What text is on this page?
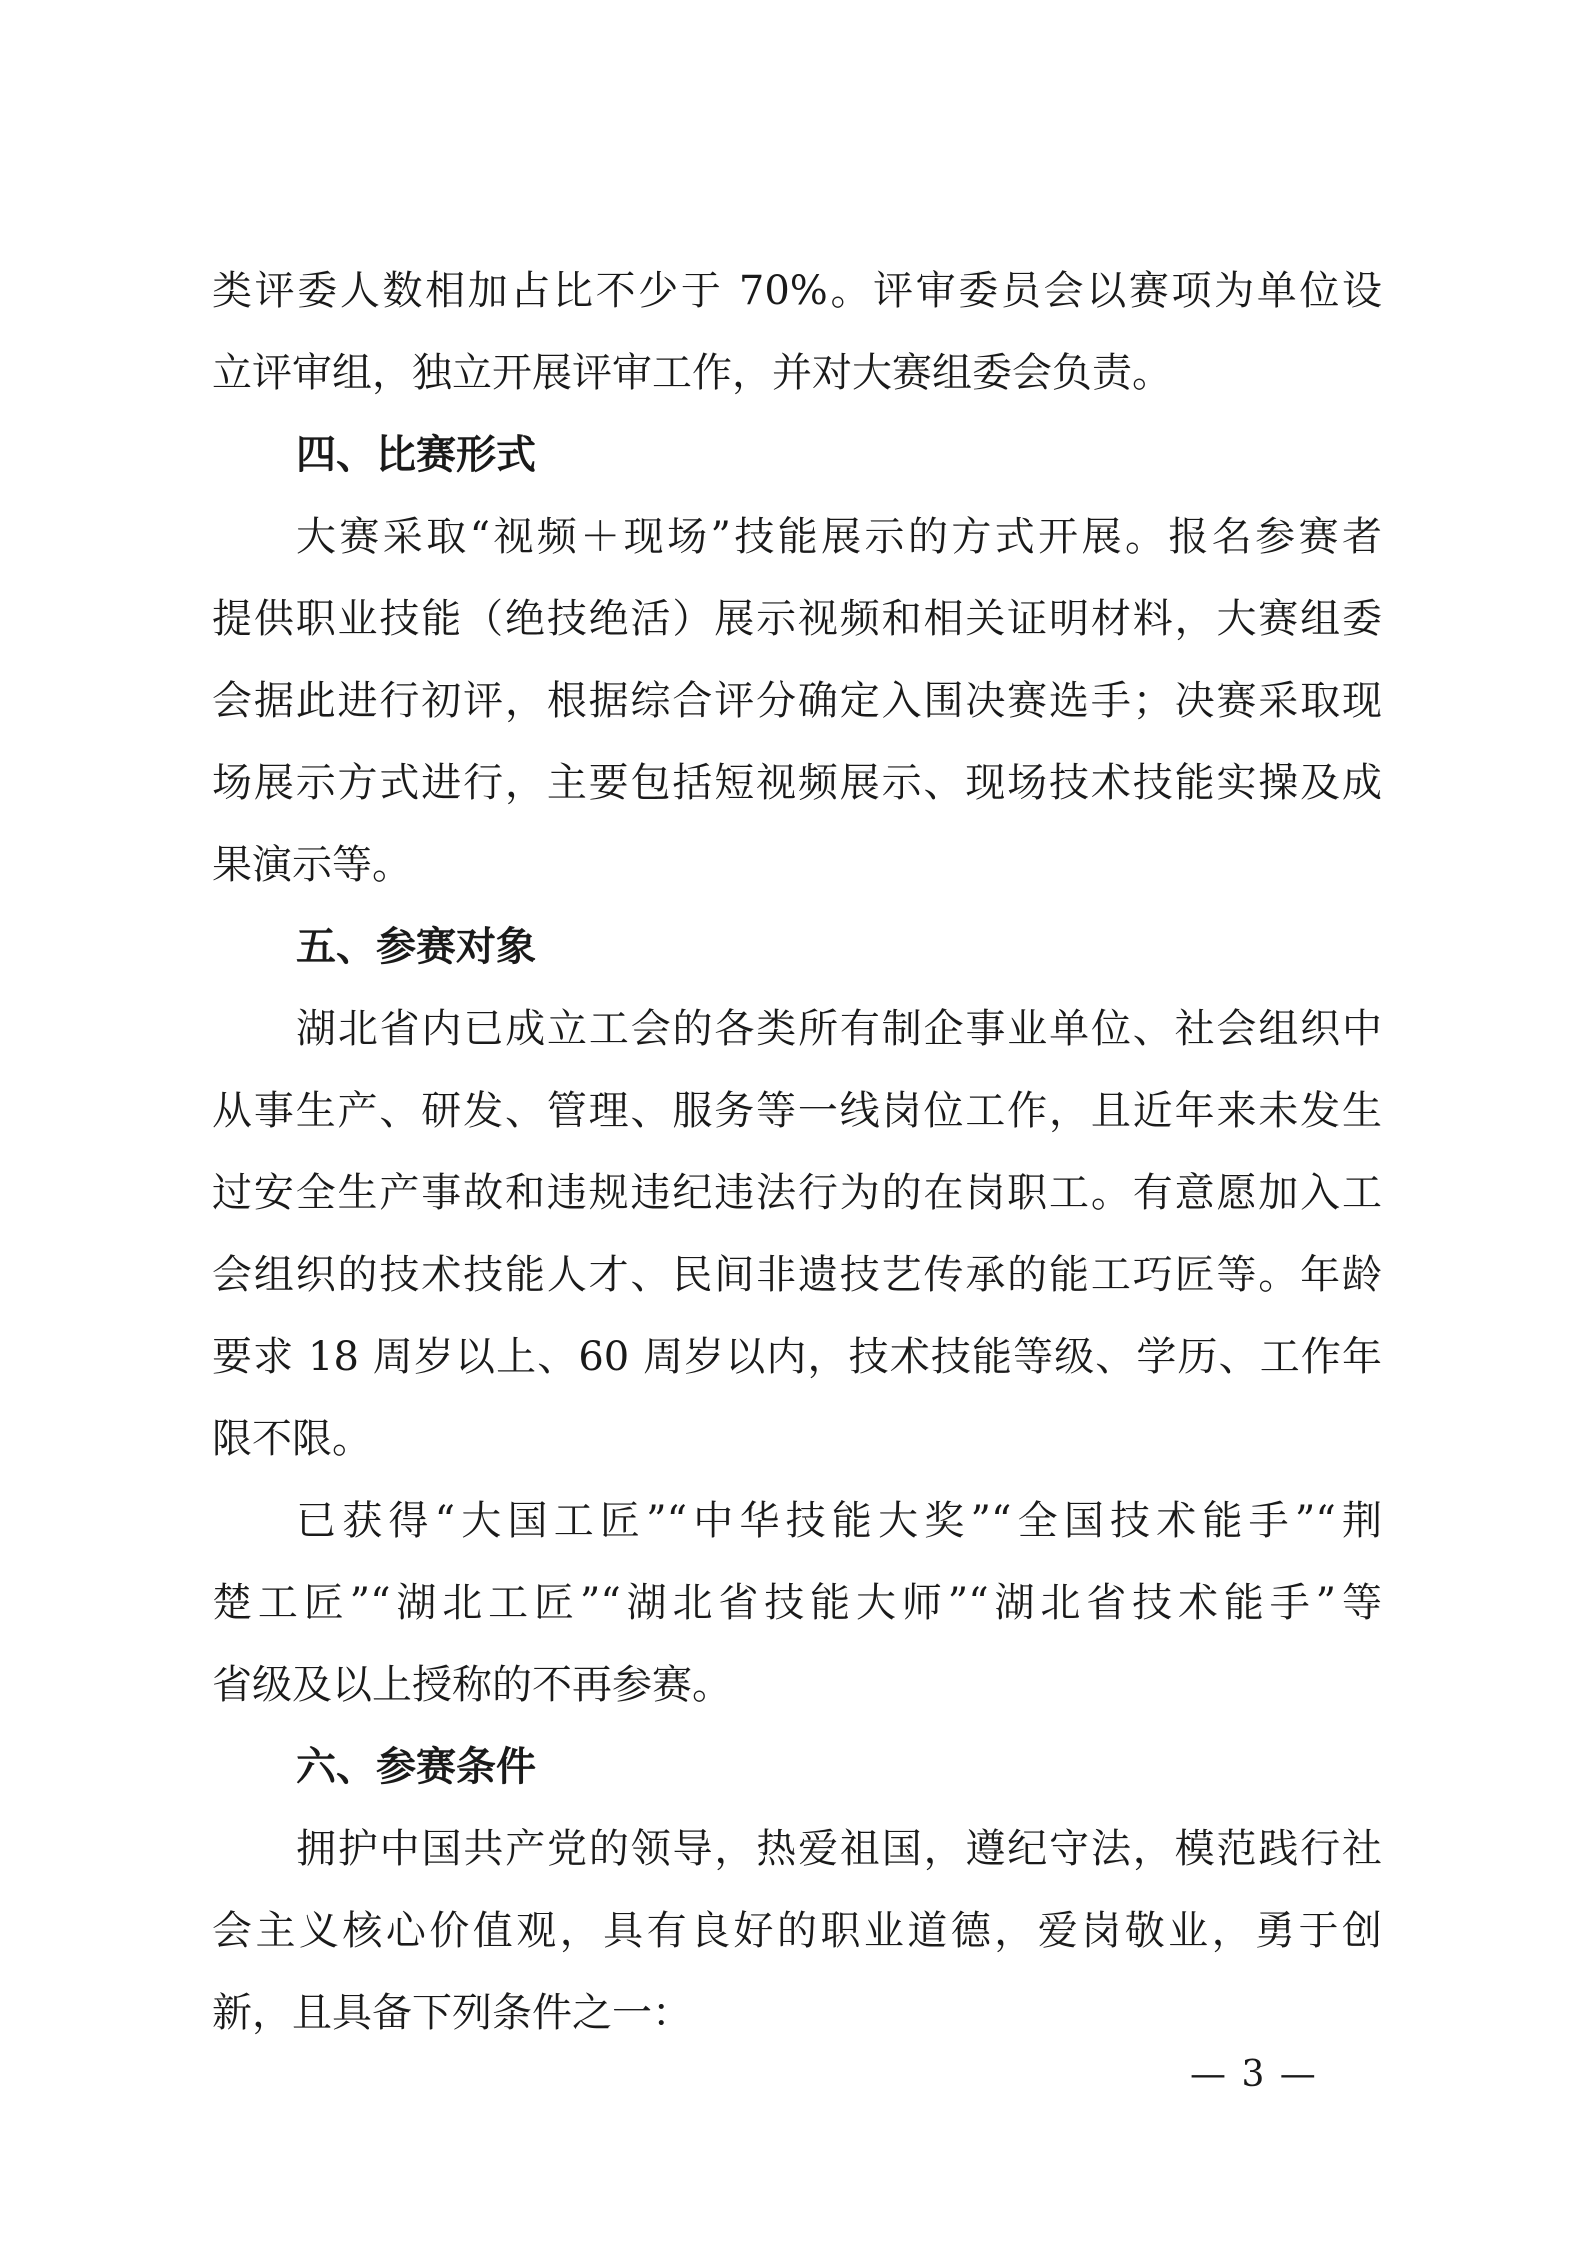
类评委人数相加占比不少于 70%。评审委员会以赛项为单位设
立评审组，独立开展评审工作，并对大赛组委会负责。
四、比赛形式
大赛采取“视频＋现场”技能展示的方式开展。报名参赛者
提供职业技能（绝技绝活）展示视频和相关证明材料，大赛组委
会据此进行初评，根据综合评分确定入围决赛选手；决赛采取现
场展示方式进行，主要包括短视频展示、现场技术技能实操及成
果演示等。
五、参赛对象
湖北省内已成立工会的各类所有制企事业单位、社会组织中
从事生产、研发、管理、服务等一线岗位工作，且近年来未发生
过安全生产事故和违规违纪违法行为的在岗职工。有意愿加入工
会组织的技术技能人才、民间非遗技艺传承的能工巧匠等。年龄
要求 18 周岁以上、60 周岁以内，技术技能等级、学历、工作年
限不限。
已获得“大国工匠”“中华技能大奖”“全国技术能手”“荆
楚工匠”“湖北工匠”“湖北省技能大师”“湖北省技术能手”等
省级及以上授称的不再参赛。
六、参赛条件
拥护中国共产党的领导，热爱祖国，遵纪守法，模范践行社
会主义核心价值观，具有良好的职业道德，爱岗敬业，勇于创
新，且具备下列条件之一：
— 3 —
